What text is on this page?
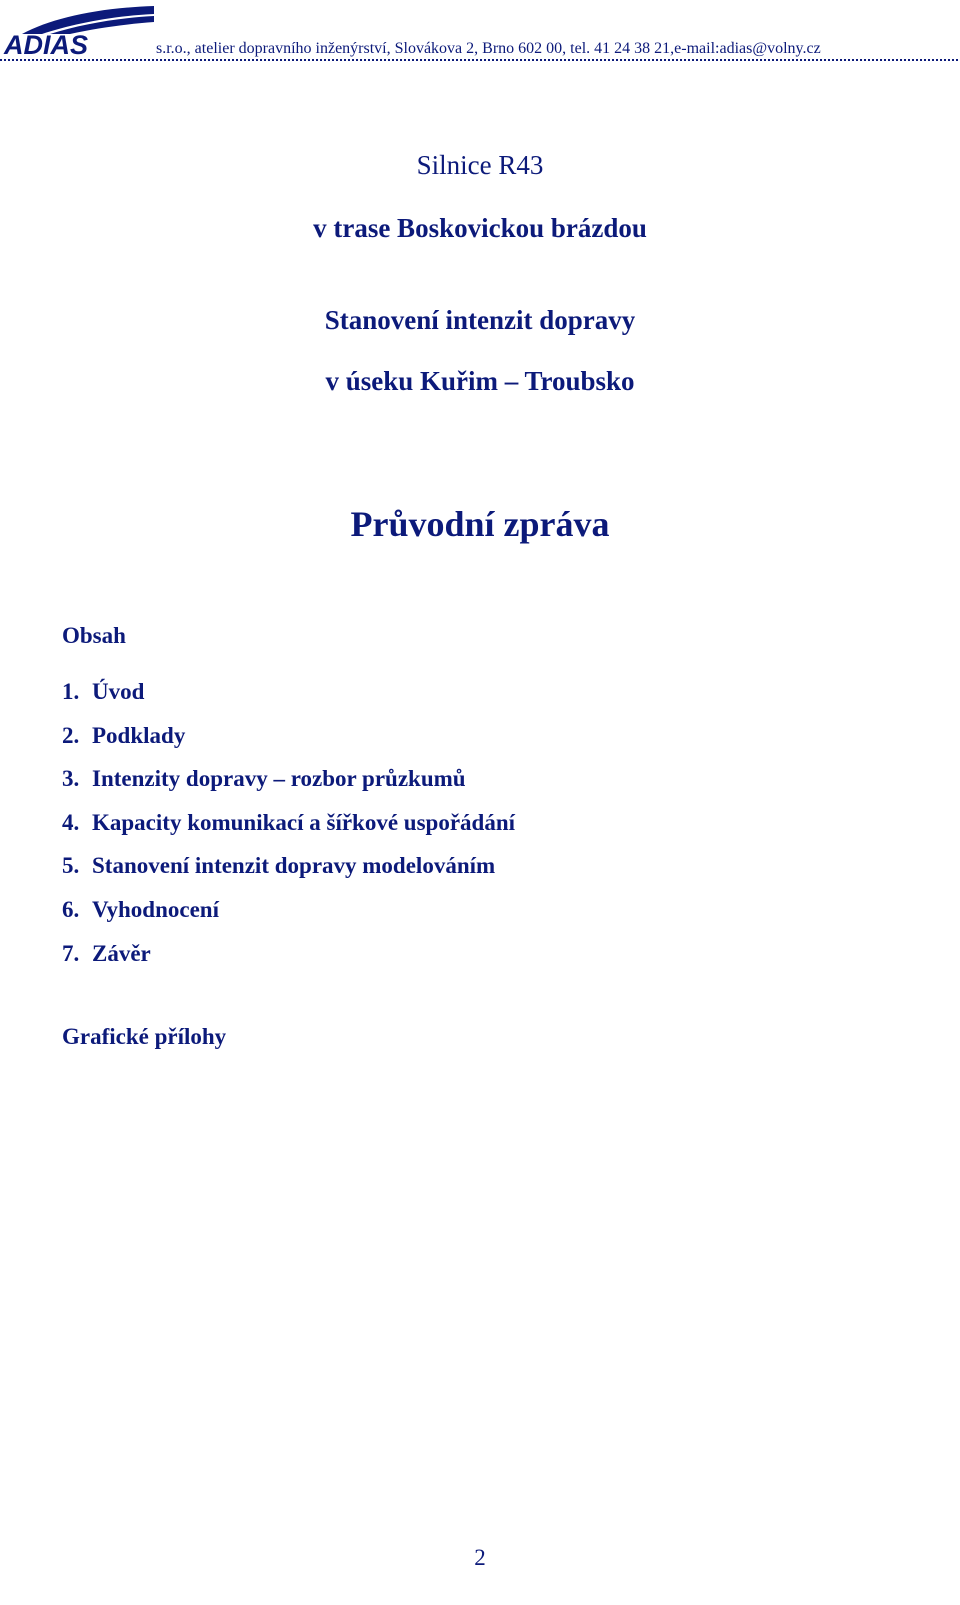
ADIAS	s.r.o., atelier dopravního inženýrství, Slovákova 2, Brno 602 00, tel. 41 24 38 21,e-mail:adias@volny.cz
Silnice R43
v trase Boskovickou brázdou
Stanovení intenzit dopravy
v úseku Kuřim – Troubsko
Průvodní zpráva
Obsah
1. Úvod
2. Podklady
3. Intenzity dopravy – rozbor průzkumů
4. Kapacity komunikací a šířkové uspořádání
5. Stanovení intenzit dopravy modelováním
6. Vyhodnocení
7. Závěr
Grafické přílohy
2
